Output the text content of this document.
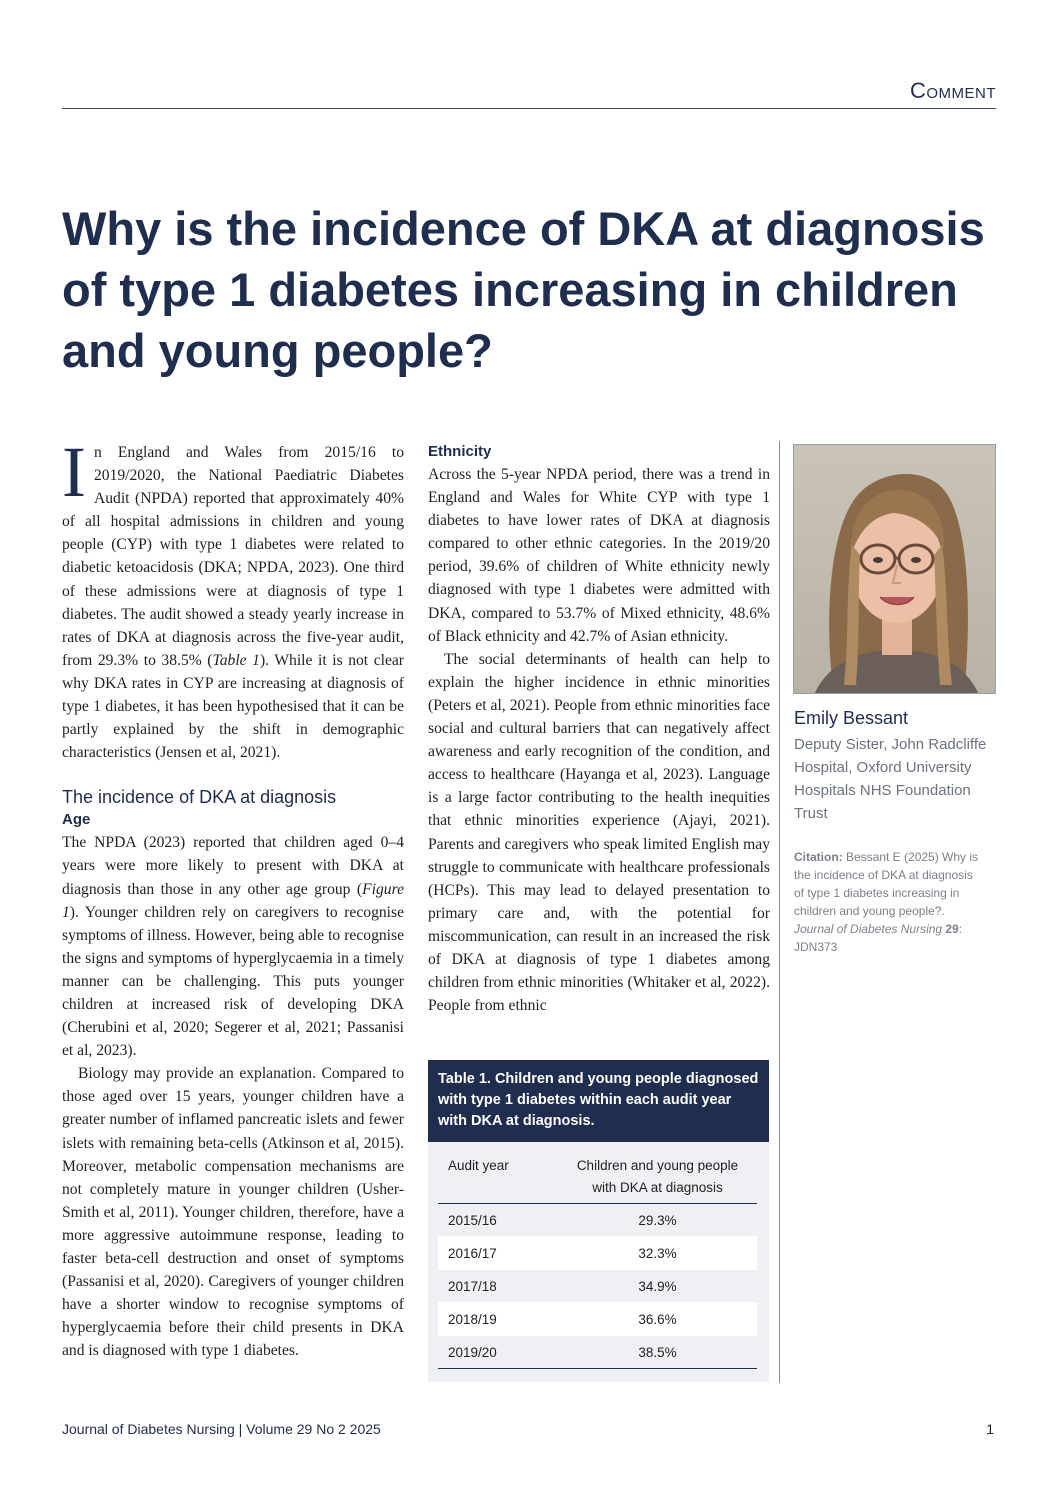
Comment
Why is the incidence of DKA at diagnosis of type 1 diabetes increasing in children and young people?

In England and Wales from 2015/16 to 2019/2020, the National Paediatric Diabetes Audit (NPDA) reported that approximately 40% of all hospital admissions in children and young people (CYP) with type 1 diabetes were related to diabetic ketoacidosis (DKA; NPDA, 2023). One third of these admissions were at diagnosis of type 1 diabetes. The audit showed a steady yearly increase in rates of DKA at diagnosis across the five-year audit, from 29.3% to 38.5% (Table 1). While it is not clear why DKA rates in CYP are increasing at diagnosis of type 1 diabetes, it has been hypothesised that it can be partly explained by the shift in demographic characteristics (Jensen et al, 2021).

The incidence of DKA at diagnosis
Age

The NPDA (2023) reported that children aged 0–4 years were more likely to present with DKA at diagnosis than those in any other age group (Figure 1). Younger children rely on caregivers to recognise symptoms of illness. However, being able to recognise the signs and symptoms of hyperglycaemia in a timely manner can be challenging. This puts younger children at increased risk of developing DKA (Cherubini et al, 2020; Segerer et al, 2021; Passanisi et al, 2023).

Biology may provide an explanation. Compared to those aged over 15 years, younger children have a greater number of inflamed pancreatic islets and fewer islets with remaining beta-cells (Atkinson et al, 2015). Moreover, metabolic compensation mechanisms are not completely mature in younger children (Usher-Smith et al, 2011). Younger children, therefore, have a more aggressive autoimmune response, leading to faster beta-cell destruction and onset of symptoms (Passanisi et al, 2020). Caregivers of younger children have a shorter window to recognise symptoms of hyperglycaemia before their child presents in DKA and is diagnosed with type 1 diabetes.

Ethnicity

Across the 5-year NPDA period, there was a trend in England and Wales for White CYP with type 1 diabetes to have lower rates of DKA at diagnosis compared to other ethnic categories. In the 2019/20 period, 39.6% of children of White ethnicity newly diagnosed with type 1 diabetes were admitted with DKA, compared to 53.7% of Mixed ethnicity, 48.6% of Black ethnicity and 42.7% of Asian ethnicity.

The social determinants of health can help to explain the higher incidence in ethnic minorities (Peters et al, 2021). People from ethnic minorities face social and cultural barriers that can negatively affect awareness and early recognition of the condition, and access to healthcare (Hayanga et al, 2023). Language is a large factor contributing to the health inequities that ethnic minorities experience (Ajayi, 2021). Parents and caregivers who speak limited English may struggle to communicate with healthcare professionals (HCPs). This may lead to delayed presentation to primary care and, with the potential for miscommunication, can result in an increased the risk of DKA at diagnosis of type 1 diabetes among children from ethnic minorities (Whitaker et al, 2022). People from ethnic

Table 1. Children and young people diagnosed with type 1 diabetes within each audit year with DKA at diagnosis.
Audit year	Children and young people with DKA at diagnosis
2015/16	29.3%
2016/17	32.3%
2017/18	34.9%
2018/19	36.6%
2019/20	38.5%
Emily Bessant
Deputy Sister, John Radcliffe Hospital, Oxford University Hospitals NHS Foundation Trust
Citation: Bessant E (2025) Why is the incidence of DKA at diagnosis of type 1 diabetes increasing in children and young people?. Journal of Diabetes Nursing 29: JDN373
Journal of Diabetes Nursing | Volume 29 No 2 2025	1
